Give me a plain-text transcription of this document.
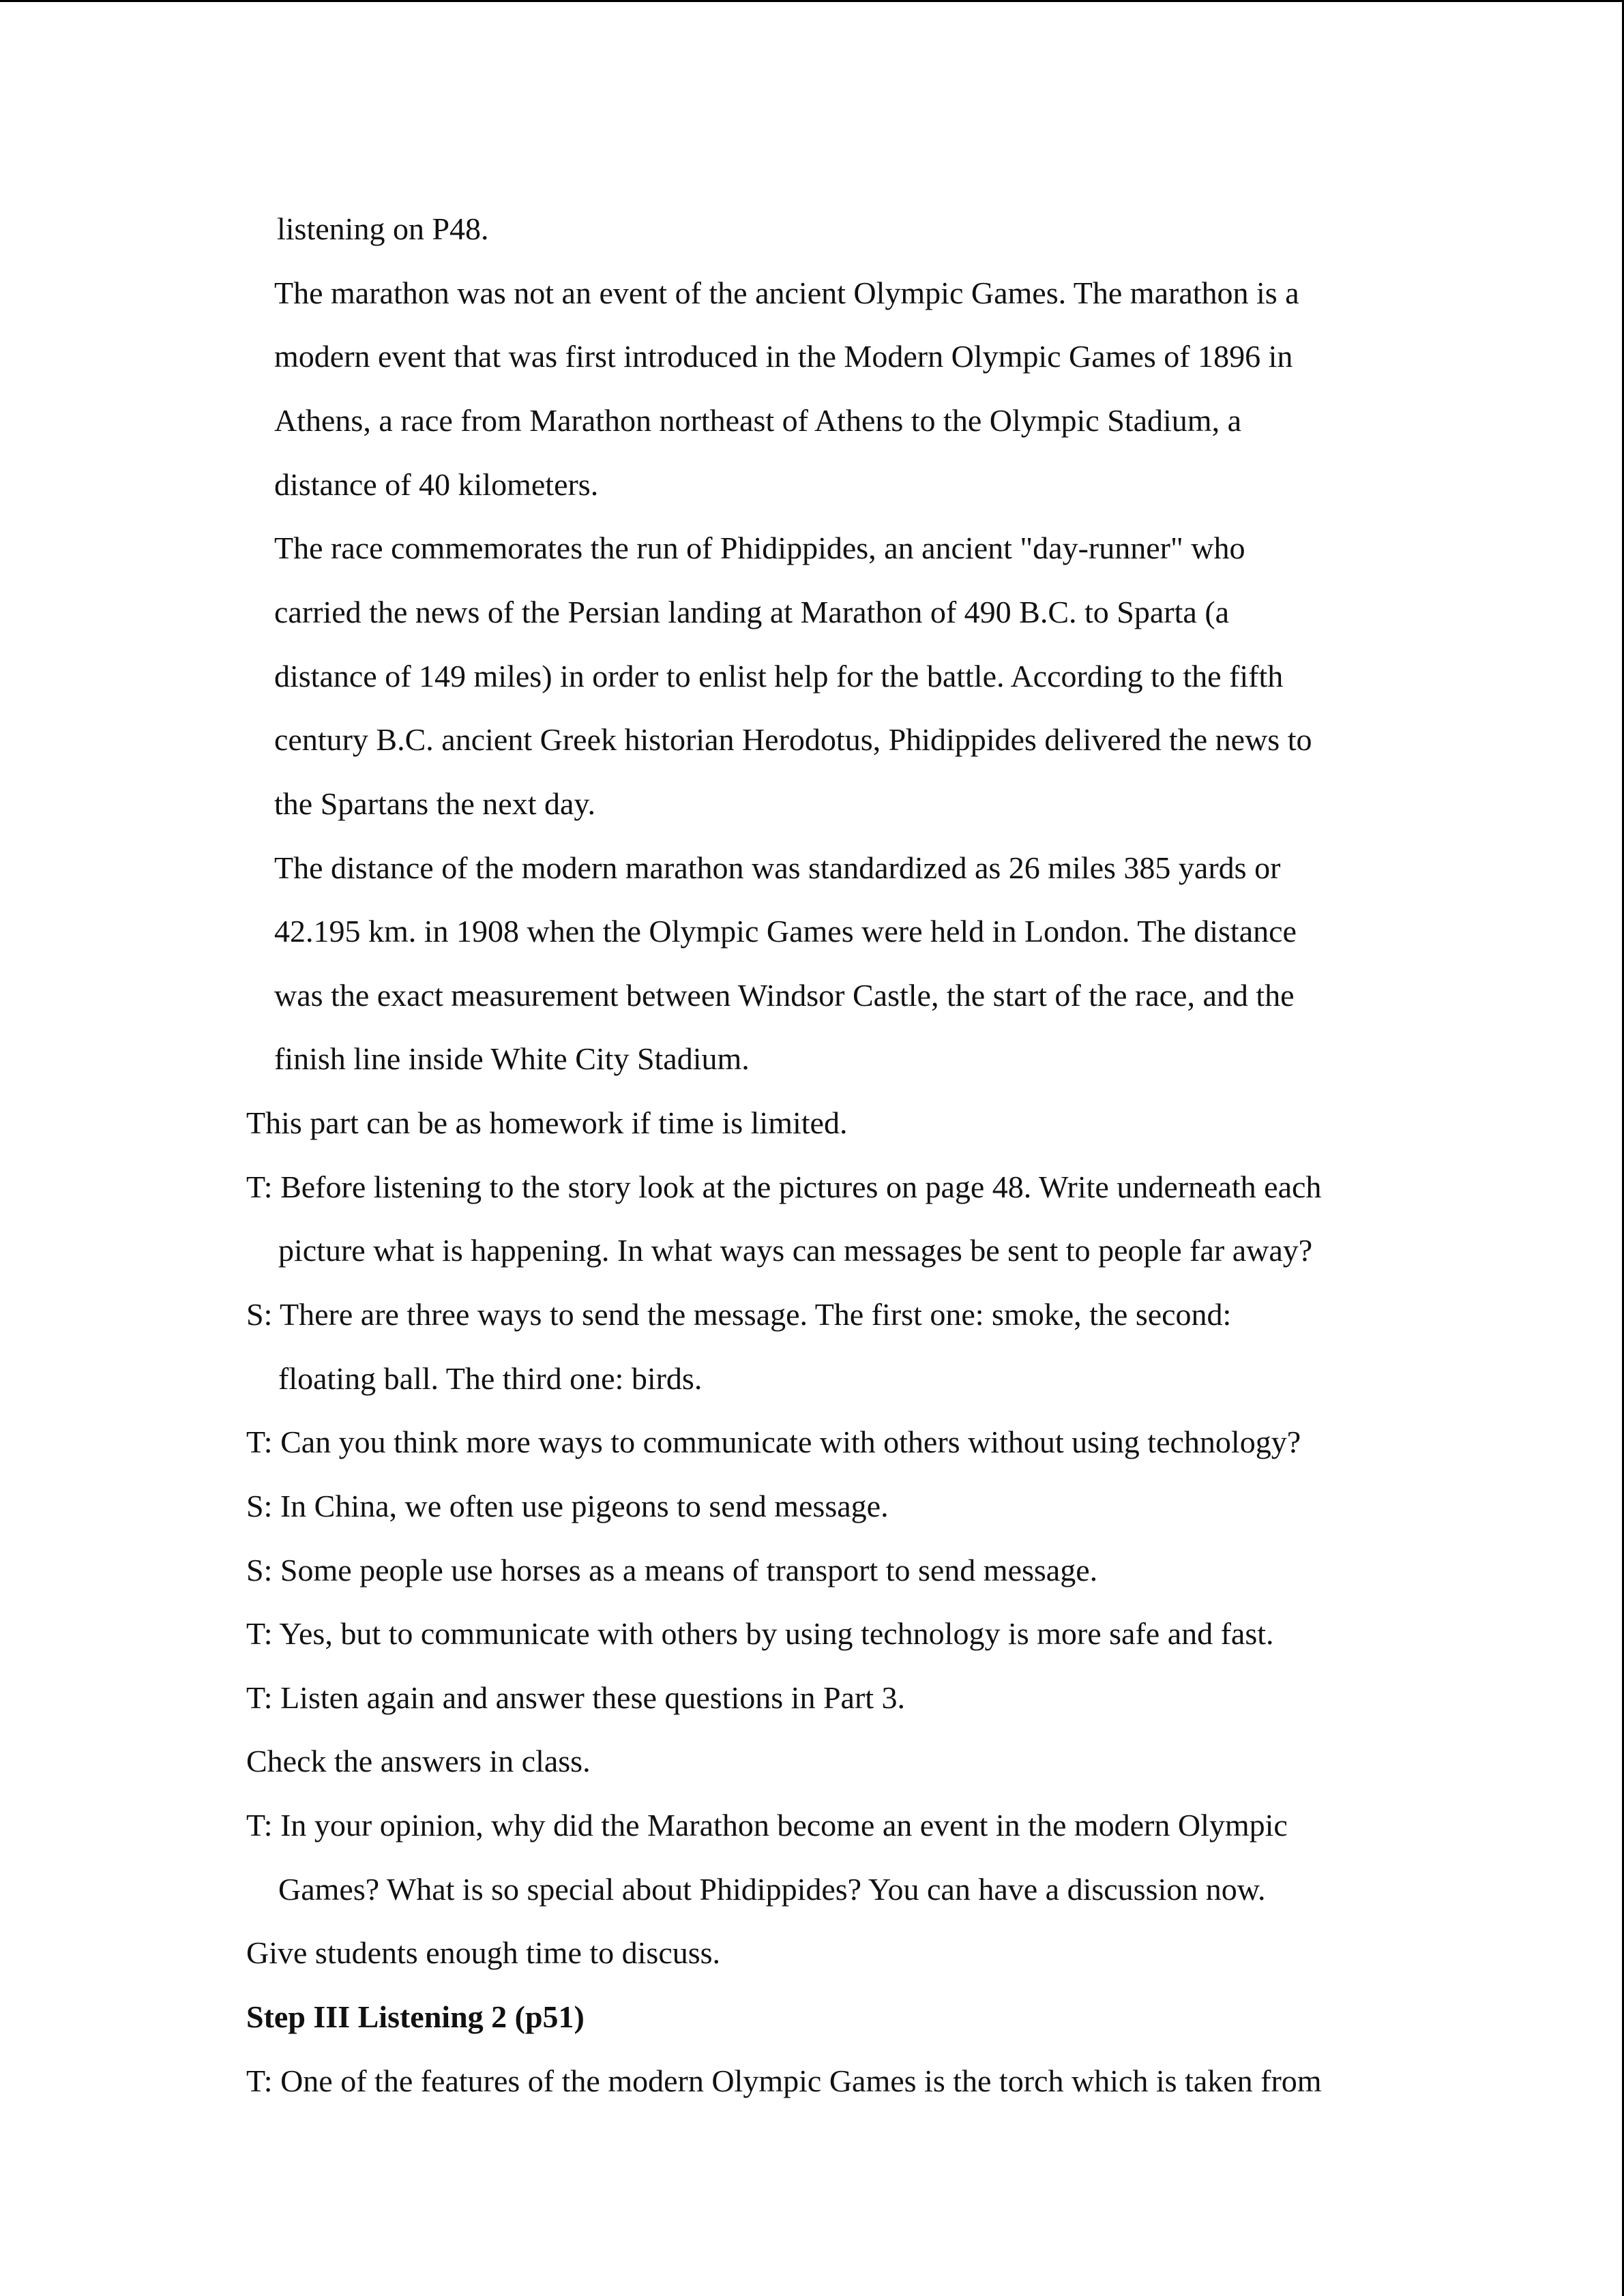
listening on P48.
The marathon was not an event of the ancient Olympic Games. The marathon is a
modern event that was first introduced in the Modern Olympic Games of 1896 in
Athens, a race from Marathon northeast of Athens to the Olympic Stadium, a
distance of 40 kilometers.
The race commemorates the run of Phidippides, an ancient "day-runner" who
carried the news of the Persian landing at Marathon of 490 B.C. to Sparta (a
distance of 149 miles) in order to enlist help for the battle. According to the fifth
century B.C. ancient Greek historian Herodotus, Phidippides delivered the news to
the Spartans the next day.
The distance of the modern marathon was standardized as 26 miles 385 yards or
42.195 km. in 1908 when the Olympic Games were held in London. The distance
was the exact measurement between Windsor Castle, the start of the race, and the
finish line inside White City Stadium.
This part can be as homework if time is limited.
T: Before listening to the story look at the pictures on page 48. Write underneath each
picture what is happening. In what ways can messages be sent to people far away?
S: There are three ways to send the message. The first one: smoke, the second:
floating ball. The third one: birds.
T: Can you think more ways to communicate with others without using technology?
S: In China, we often use pigeons to send message.
S: Some people use horses as a means of transport to send message.
T: Yes, but to communicate with others by using technology is more safe and fast.
T: Listen again and answer these questions in Part 3.
Check the answers in class.
T: In your opinion, why did the Marathon become an event in the modern Olympic
Games? What is so special about Phidippides? You can have a discussion now.
Give students enough time to discuss.
Step III Listening 2 (p51)
T: One of the features of the modern Olympic Games is the torch which is taken from
